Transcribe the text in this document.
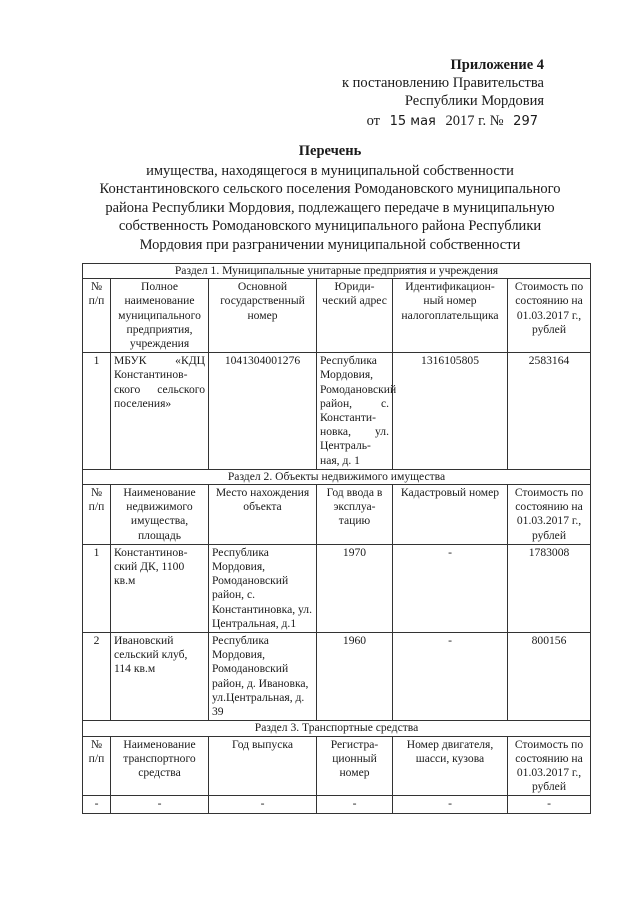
Приложение 4
к постановлению Правительства
Республики Мордовия
от 15 мая 2017 г. № 297
Перечень
имущества, находящегося в муниципальной собственности
Константиновского сельского поселения Ромодановского муниципального
района Республики Мордовия, подлежащего передаче в муниципальную
собственность Ромодановского муниципального района Республики
Мордовия при разграничении муниципальной собственности
Раздел 1. Муниципальные унитарные предприятия и учреждения					
№ п/п	Полное наименование муниципального предприятия, учреждения	Основной государственный номер	Юриди-ческий адрес	Идентификацион-ный номер налогоплательщика	Стоимость по состоянию на 01.03.2017 г., рублей
1	МБУК «КДЦ Константинов-ского сельского поселения»	1041304001276	Республика Мордовия, Ромодановский район, с. Константи-новка, ул. Централь-ная, д. 1	1316105805	2583164
Раздел 2. Объекты недвижимого имущества					
№ п/п	Наименование недвижимого имущества, площадь	Место нахождения объекта	Год ввода в эксплуа-тацию	Кадастровый номер	Стоимость по состоянию на 01.03.2017 г., рублей
1	Константинов-ский ДК, 1100 кв.м	Республика Мордовия, Ромодановский район, с. Константиновка, ул. Центральная, д.1	1970	-	1783008
2	Ивановский сельский клуб, 114 кв.м	Республика Мордовия, Ромодановский район, д. Ивановка, ул.Центральная, д. 39	1960	-	800156
Раздел 3. Транспортные средства					
№ п/п	Наименование транспортного средства	Год выпуска	Регистра-ционный номер	Номер двигателя, шасси, кузова	Стоимость по состоянию на 01.03.2017 г., рублей
-	-	-	-	-	-
